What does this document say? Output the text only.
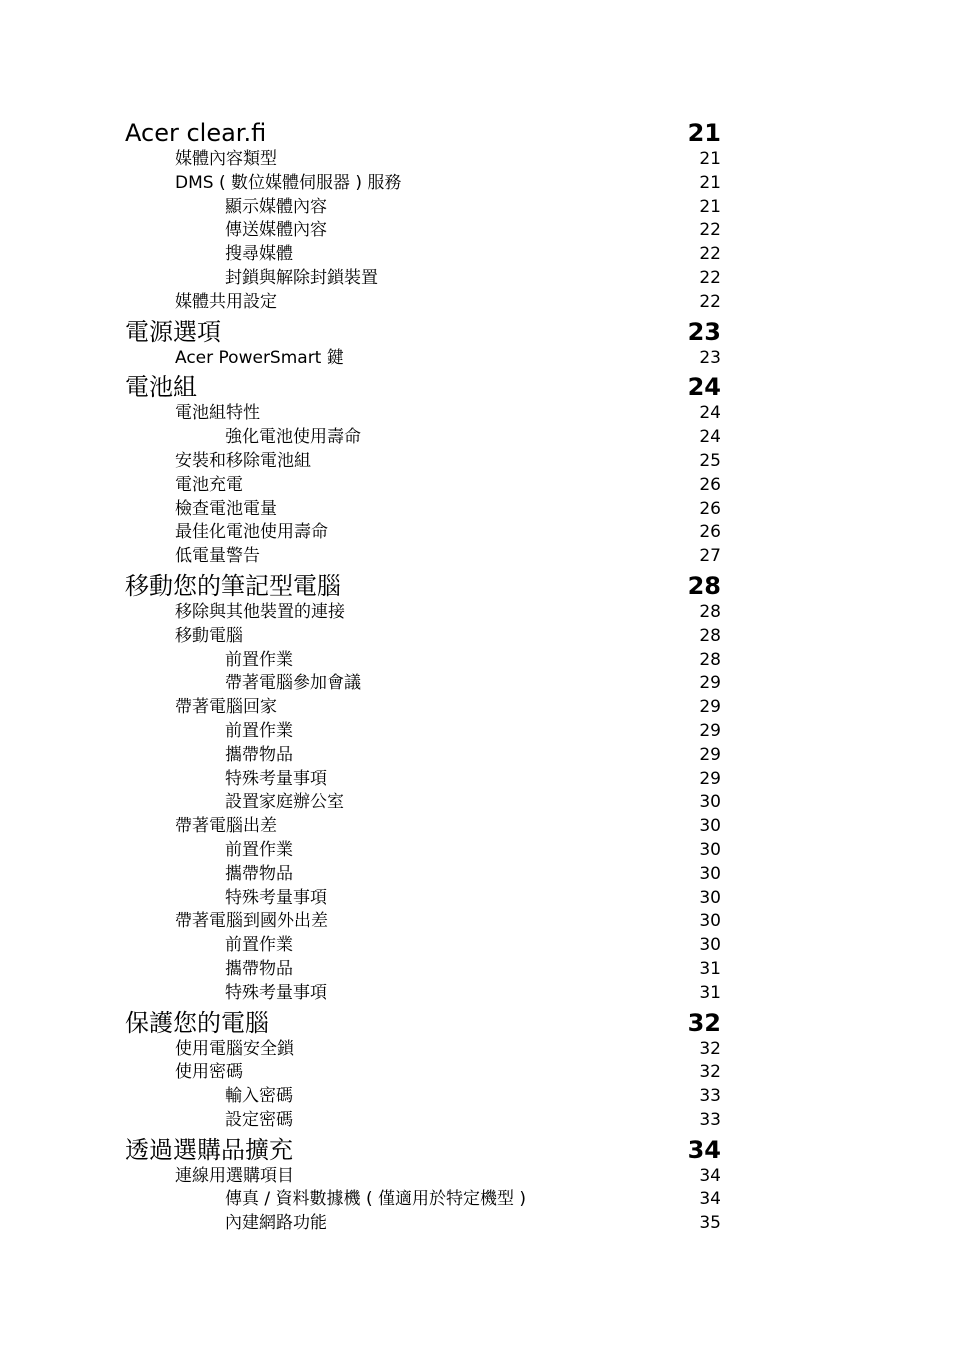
Acer clear.fi	21
媒體內容類型	21
DMS ( 數位媒體伺服器 ) 服務	21
顯示媒體內容	21
傳送媒體內容	22
搜尋媒體	22
封鎖與解除封鎖裝置	22
媒體共用設定	22
電源選項	23
Acer PowerSmart 鍵	23
電池組	24
電池組特性	24
強化電池使用壽命	24
安裝和移除電池組	25
電池充電	26
檢查電池電量	26
最佳化電池使用壽命	26
低電量警告	27
移動您的筆記型電腦	28
移除與其他裝置的連接	28
移動電腦	28
前置作業	28
帶著電腦參加會議	29
帶著電腦回家	29
前置作業	29
攜帶物品	29
特殊考量事項	29
設置家庭辦公室	30
帶著電腦出差	30
前置作業	30
攜帶物品	30
特殊考量事項	30
帶著電腦到國外出差	30
前置作業	30
攜帶物品	31
特殊考量事項	31
保護您的電腦	32
使用電腦安全鎖	32
使用密碼	32
輸入密碼	33
設定密碼	33
透過選購品擴充	34
連線用選購項目	34
傳真 / 資料數據機 ( 僅適用於特定機型 )	34
內建網路功能	35
